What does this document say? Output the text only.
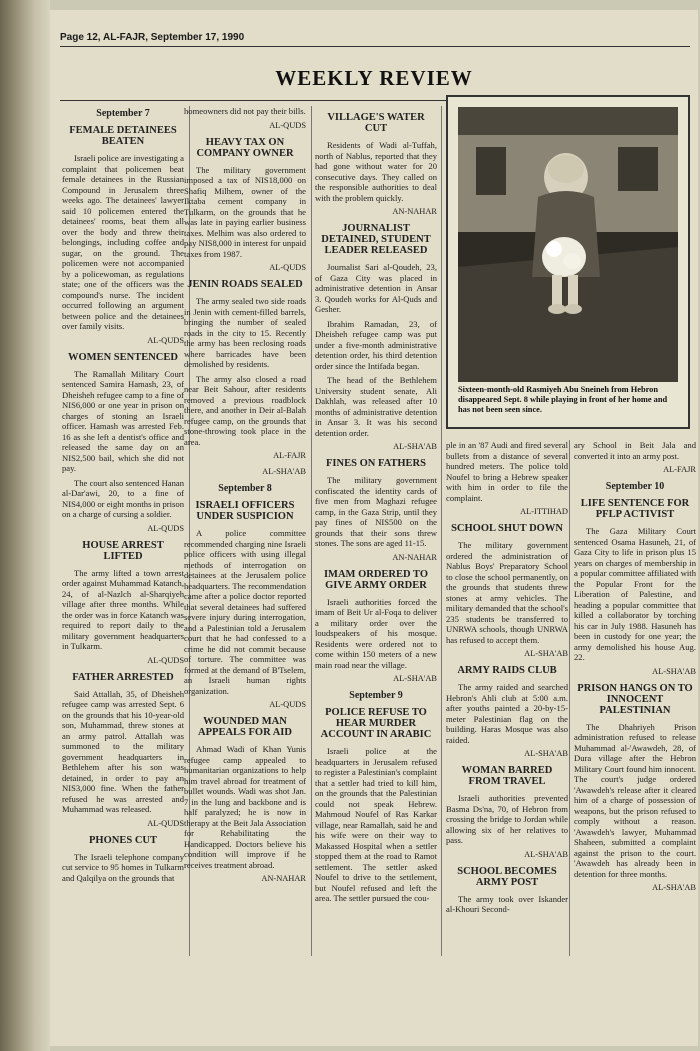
Page 12, AL-FAJR, September 17, 1990
WEEKLY REVIEW
September 7
FEMALE DETAINEES BEATEN

Israeli police are investigating a complaint that policemen beat female detainees in the Russian Compound in Jerusalem three weeks ago. The detainees' lawyer said 10 policemen entered the detainees' rooms, beat them all over the body and threw their belongings, including coffee and sugar, on the ground. The policemen were not accompanied by a policewoman, as regulations state; one of the officers was the compound's nurse. The incident occurred following an argument between police and the detainees over family visits.

AL-QUDS
WOMEN SENTENCED

The Ramallah Military Court sentenced Samira Hamash, 23, of Dheisheh refugee camp to a fine of NIS6,000 or one year in prison on charges of stoning an Israeli officer. Hamash was arrested Feb. 16 as she left a dentist's office and released the same day on an NIS2,500 bail, which she did not pay.

The court also sentenced Hanan al-Dar'awi, 20, to a fine of NIS4,000 or eight months in prison on a charge of cursing a soldier.

AL-QUDS
HOUSE ARREST LIFTED

The army lifted a town arrest order against Muhammad Katanch, 24, of al-Nazlch al-Sharqiyeh village after three months. While the order was in force Katanch was required to report daily to the military government headquarters in Tulkarm.

AL-QUDS
FATHER ARRESTED

Said Attallah, 35, of Dheisheh refugee camp was arrested Sept. 6 on the grounds that his 10-year-old son, Muhammad, threw stones at an army patrol. Attallah was summoned to the military government headquarters in Bethlehem after his son was detained, in order to pay an NIS3,000 fine. When the father refused he was arrested and Muhammad was released.

AL-QUDS
PHONES CUT

The Israeli telephone company cut service to 95 homes in Tulkarm and Qalqilya on the grounds that

homeowners did not pay their bills.

AL-QUDS
HEAVY TAX ON COMPANY OWNER

The military government imposed a tax of NIS18,000 on Shafiq Milhem, owner of the Iktaba cement company in Tulkarm, on the grounds that he was late in paying earlier business taxes. Melhim was also ordered to pay NIS8,000 in interest for unpaid taxes from 1987.

AL-QUDS
JENIN ROADS SEALED

The army sealed two side roads in Jenin with cement-filled barrels, bringing the number of sealed roads in the city to 15. Recently the army has been reclosing roads where barricades have been demolished by residents.

The army also closed a road near Beit Sahour, after residents removed a previous roadblock there, and another in Deir al-Balah refugee camp, on the grounds that stone-throwing took place in the area.

AL-FAJR
AL-SHA'AB
September 8
ISRAELI OFFICERS UNDER SUSPICION

A police committee recommended charging nine Israeli police officers with using illegal methods of interrogation on detainees at the Jerusalem police headquarters. The recommendation came after a police doctor reported that several detainees had suffered severe injury during interrogation, and a Palestinian told a Jerusalem court that he had confessed to a crime he did not commit because of torture. The committee was formed at the demand of B'Tselem, an Israeli human rights organization.

AL-QUDS
WOUNDED MAN APPEALS FOR AID

Ahmad Wadi of Khan Yunis refugee camp appealed to humanitarian organizations to help him travel abroad for treatment of bullet wounds. Wadi was shot Jan. 7 in the lung and backbone and is half paralyzed; he is now in therapy at the Beit Jala Association for Rehabilitating the Handicapped. Doctors believe his condition will improve if he receives treatment abroad.

AN-NAHAR
VILLAGE'S WATER CUT

Residents of Wadi al-Tuffah, north of Nablus, reported that they had gone without water for 20 consecutive days. They called on the responsible authorities to deal with the problem quickly.

AN-NAHAR
JOURNALIST DETAINED, STUDENT LEADER RELEASED

Journalist Sari al-Qoudeh, 23, of Gaza City was placed in administrative detention in Ansar 3. Qoudeh works for Al-Quds and Gesher.

Ibrahim Ramadan, 23, of Dheisheh refugee camp was put under a five-month administrative detention order, his third detention order since the Intifada began.

The head of the Bethlehem University student senate, Ali Dakhlah, was released after 10 months of administrative detention in Ansar 3. It was his second detention order.

AL-SHA'AB
FINES ON FATHERS

The military government confiscated the identity cards of five men from Maghazi refugee camp, in the Gaza Strip, until they pay fines of NIS500 on the grounds that their sons threw stones. The sons are aged 11-15.

AN-NAHAR
IMAM ORDERED TO GIVE ARMY ORDER

Israeli authorities forced the imam of Beit Ur al-Foqa to deliver a military order over the loudspeakers of his mosque. Residents were ordered not to come within 150 meters of a new main road near the village.

AL-SHA'AB
September 9
POLICE REFUSE TO HEAR MURDER ACCOUNT IN ARABIC

Israeli police at the headquarters in Jerusalem refused to register a Palestinian's complaint that a settler had tried to kill him, on the grounds that the Palestinian could not speak Hebrew. Mahmoud Noufel of Ras Karkar village, near Ramallah, said he and his wife were on their way to Makassed Hospital when a settler stopped them at the road to Ramot settlement. The settler asked Noufel to drive to the settlement, but Noufel refused and left the area. The settler pursued the cou-

Sixteen-month-old Rasmiyeh Abu Sneineh from Hebron disappeared Sept. 8 while playing in front of her home and has not been seen since.

ple in an '87 Audi and fired several bullets from a distance of several hundred meters. The police told Noufel to bring a Hebrew speaker with him in order to file the complaint.

AL-ITTIHAD
SCHOOL SHUT DOWN

The military government ordered the administration of Nablus Boys' Preparatory School to close the school permanently, on the grounds that students threw stones at army vehicles. The military demanded that the school's 235 students be transferred to UNRWA schools, though UNRWA has refused to accept them.

AL-SHA'AB
ARMY RAIDS CLUB

The army raided and searched Hebron's Ahli club at 5:00 a.m. after youths painted a 20-by-15-meter Palestinian flag on the building. Haras Mosque was also raided.

AL-SHA'AB
WOMAN BARRED FROM TRAVEL

Israeli authorities prevented Basma Ds'na, 70, of Hebron from crossing the bridge to Jordan while allowing six of her relatives to pass.

AL-SHA'AB
SCHOOL BECOMES ARMY POST

The army took over Iskander al-Khouri Second-

ary School in Beit Jala and converted it into an army post.

AL-FAJR
September 10
LIFE SENTENCE FOR PFLP ACTIVIST

The Gaza Military Court sentenced Osama Hasuneh, 21, of Gaza City to life in prison plus 15 years on charges of membership in a popular committee affiliated with the Popular Front for the Liberation of Palestine, and heading a popular committee that killed a collaborator by torching his car in July 1988. Hasuneh has been in custody for one year; the army demolished his house Aug. 22.

AL-SHA'AB
PRISON HANGS ON TO INNOCENT PALESTINIAN

The Dhahriyeh Prison administration refused to release Muhammad al-'Awawdeh, 28, of Dura village after the Hebron Military Court found him innocent. The court's judge ordered 'Awawdeh's release after it cleared him of a charge of possession of weapons, but the prison refused to comply without a reason. 'Awawdeh's lawyer, Muhammad Shaheen, submitted a complaint against the prison to the court. 'Awawdeh has already been in detention for three months.

AL-SHA'AB
